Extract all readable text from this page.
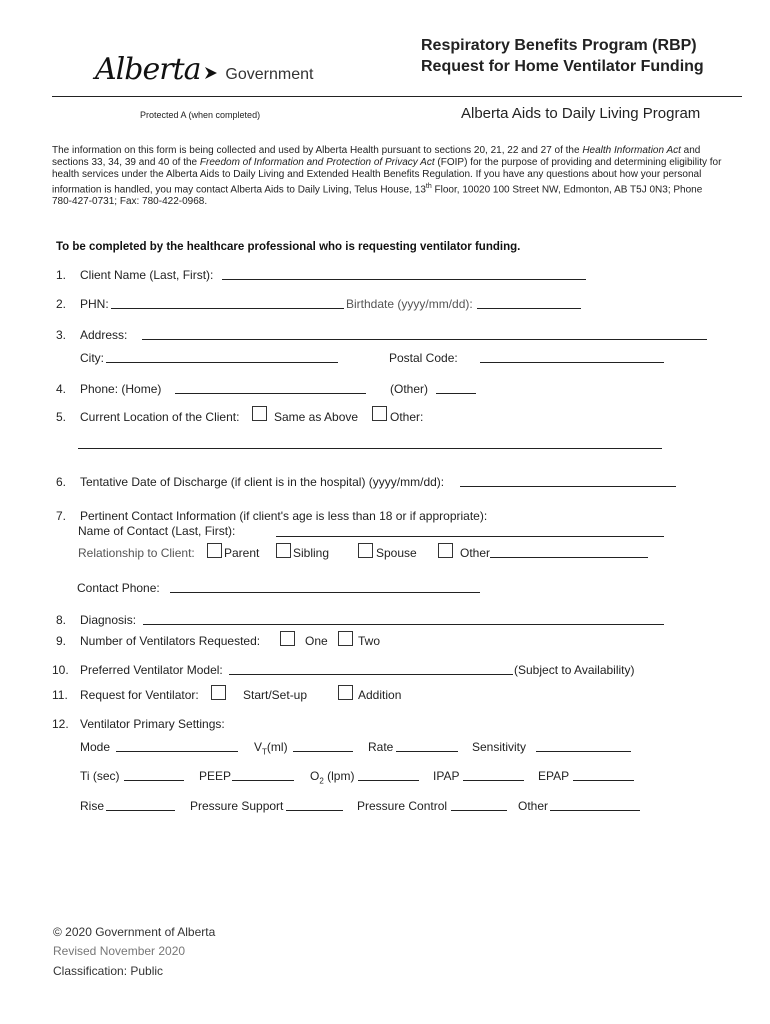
Alberta Government
Respiratory Benefits Program (RBP)
Request for Home Ventilator Funding
Protected A (when completed)	Alberta Aids to Daily Living Program
The information on this form is being collected and used by Alberta Health pursuant to sections 20, 21, 22 and 27 of the Health Information Act and sections 33, 34, 39 and 40 of the Freedom of Information and Protection of Privacy Act (FOIP) for the purpose of providing and determining eligibility for health services under the Alberta Aids to Daily Living and Extended Health Benefits Regulation. If you have any questions about how your personal information is handled, you may contact Alberta Aids to Daily Living, Telus House, 13th Floor, 10020 100 Street NW, Edmonton, AB T5J 0N3; Phone 780-427-0731; Fax: 780-422-0968.
To be completed by the healthcare professional who is requesting ventilator funding.
1. Client Name (Last, First):
2. PHN:	Birthdate (yyyy/mm/dd):
3. Address:
City:	Postal Code:
4. Phone: (Home)	(Other)
5. Current Location of the Client:	Same as Above	Other:
6. Tentative Date of Discharge (if client is in the hospital) (yyyy/mm/dd):
7. Pertinent Contact Information (if client's age is less than 18 or if appropriate):
Name of Contact (Last, First):
Relationship to Client: Parent	Sibling	Spouse	Other
Contact Phone:
8. Diagnosis:
9. Number of Ventilators Requested:	One	Two
10. Preferred Ventilator Model:	(Subject to Availability)
11. Request for Ventilator:	Start/Set-up	Addition
12. Ventilator Primary Settings:
Mode	$V_T(ml)$	Rate	Sensitivity
Ti (sec)	PEEP	$O_2$ (lpm)	IPAP	EPAP
Rise	Pressure Support	Pressure Control	Other
© 2020 Government of Alberta
Revised November 2020
Classification: Public
